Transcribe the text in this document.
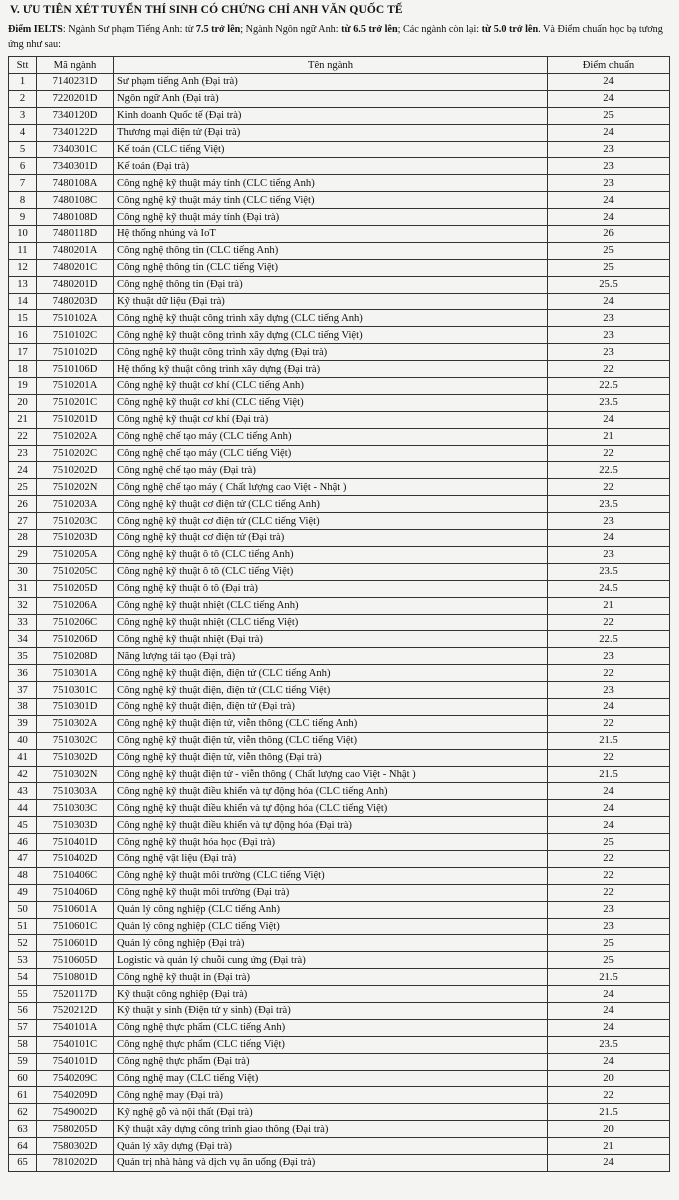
V. ƯU TIÊN XÉT TUYỂN THÍ SINH CÓ CHỨNG CHỈ ANH VĂN QUỐC TẾ
Điểm IELTS: Ngành Sư phạm Tiếng Anh: từ 7.5 trở lên; Ngành Ngôn ngữ Anh: từ 6.5 trở lên; Các ngành còn lại: từ 5.0 trở lên. Và Điểm chuẩn học bạ tương ứng như sau:
Stt	Mã ngành	Tên ngành	Điểm chuẩn
1	7140231D	Sư phạm tiếng Anh (Đại trà)	24
2	7220201D	Ngôn ngữ Anh (Đại trà)	24
3	7340120D	Kinh doanh Quốc tế (Đại trà)	25
4	7340122D	Thương mại điện tử (Đại trà)	24
5	7340301C	Kế toán (CLC tiếng Việt)	23
6	7340301D	Kế toán (Đại trà)	23
7	7480108A	Công nghệ kỹ thuật máy tính (CLC tiếng Anh)	23
8	7480108C	Công nghệ kỹ thuật máy tính (CLC tiếng Việt)	24
9	7480108D	Công nghệ kỹ thuật máy tính (Đại trà)	24
10	7480118D	Hệ thống nhúng và IoT	26
11	7480201A	Công nghệ thông tin (CLC tiếng Anh)	25
12	7480201C	Công nghệ thông tin (CLC tiếng Việt)	25
13	7480201D	Công nghệ thông tin (Đại trà)	25.5
14	7480203D	Kỹ thuật dữ liệu (Đại trà)	24
15	7510102A	Công nghệ kỹ thuật công trình xây dựng (CLC tiếng Anh)	23
16	7510102C	Công nghệ kỹ thuật công trình xây dựng (CLC tiếng Việt)	23
17	7510102D	Công nghệ kỹ thuật công trình xây dựng (Đại trà)	23
18	7510106D	Hệ thống kỹ thuật công trình xây dựng (Đại trà)	22
19	7510201A	Công nghệ kỹ thuật cơ khí (CLC tiếng Anh)	22.5
20	7510201C	Công nghệ kỹ thuật cơ khí (CLC tiếng Việt)	23.5
21	7510201D	Công nghệ kỹ thuật cơ khí (Đại trà)	24
22	7510202A	Công nghệ chế tạo máy (CLC tiếng Anh)	21
23	7510202C	Công nghệ chế tạo máy (CLC tiếng Việt)	22
24	7510202D	Công nghệ chế tạo máy (Đại trà)	22.5
25	7510202N	Công nghệ chế tạo máy ( Chất lượng cao Việt - Nhật )	22
26	7510203A	Công nghệ kỹ thuật cơ điện tử (CLC tiếng Anh)	23.5
27	7510203C	Công nghệ kỹ thuật cơ điện tử (CLC tiếng Việt)	23
28	7510203D	Công nghệ kỹ thuật cơ điện tử (Đại trà)	24
29	7510205A	Công nghệ kỹ thuật ô tô (CLC tiếng Anh)	23
30	7510205C	Công nghệ kỹ thuật ô tô (CLC tiếng Việt)	23.5
31	7510205D	Công nghệ kỹ thuật ô tô (Đại trà)	24.5
32	7510206A	Công nghệ kỹ thuật nhiệt (CLC tiếng Anh)	21
33	7510206C	Công nghệ kỹ thuật nhiệt (CLC tiếng Việt)	22
34	7510206D	Công nghệ kỹ thuật nhiệt (Đại trà)	22.5
35	7510208D	Năng lượng tái tạo (Đại trà)	23
36	7510301A	Công nghệ kỹ thuật điện, điện tử (CLC tiếng Anh)	22
37	7510301C	Công nghệ kỹ thuật điện, điện tử (CLC tiếng Việt)	23
38	7510301D	Công nghệ kỹ thuật điện, điện tử (Đại trà)	24
39	7510302A	Công nghệ kỹ thuật điện tử, viễn thông (CLC tiếng Anh)	22
40	7510302C	Công nghệ kỹ thuật điện tử, viễn thông (CLC tiếng Việt)	21.5
41	7510302D	Công nghệ kỹ thuật điện tử, viễn thông (Đại trà)	22
42	7510302N	Công nghệ kỹ thuật điện tử - viễn thông ( Chất lượng cao Việt - Nhật )	21.5
43	7510303A	Công nghệ kỹ thuật điều khiển và tự động hóa (CLC tiếng Anh)	24
44	7510303C	Công nghệ kỹ thuật điều khiển và tự động hóa (CLC tiếng Việt)	24
45	7510303D	Công nghệ kỹ thuật điều khiển và tự động hóa (Đại trà)	24
46	7510401D	Công nghệ kỹ thuật hóa học (Đại trà)	25
47	7510402D	Công nghệ vật liệu (Đại trà)	22
48	7510406C	Công nghệ kỹ thuật môi trường (CLC tiếng Việt)	22
49	7510406D	Công nghệ kỹ thuật môi trường (Đại trà)	22
50	7510601A	Quản lý công nghiệp (CLC tiếng Anh)	23
51	7510601C	Quản lý công nghiệp (CLC tiếng Việt)	23
52	7510601D	Quản lý công nghiệp (Đại trà)	25
53	7510605D	Logistic và quản lý chuỗi cung ứng (Đại trà)	25
54	7510801D	Công nghệ kỹ thuật in (Đại trà)	21.5
55	7520117D	Kỹ thuật công nghiệp (Đại trà)	24
56	7520212D	Kỹ thuật y sinh (Điện tử y sinh) (Đại trà)	24
57	7540101A	Công nghệ thực phẩm (CLC tiếng Anh)	24
58	7540101C	Công nghệ thực phẩm (CLC tiếng Việt)	23.5
59	7540101D	Công nghệ thực phẩm (Đại trà)	24
60	7540209C	Công nghệ may (CLC tiếng Việt)	20
61	7540209D	Công nghệ may (Đại trà)	22
62	7549002D	Kỹ nghệ gỗ và nội thất (Đại trà)	21.5
63	7580205D	Kỹ thuật xây dựng công trình giao thông (Đại trà)	20
64	7580302D	Quản lý xây dựng (Đại trà)	21
65	7810202D	Quản trị nhà hàng và dịch vụ ăn uống (Đại trà)	24
